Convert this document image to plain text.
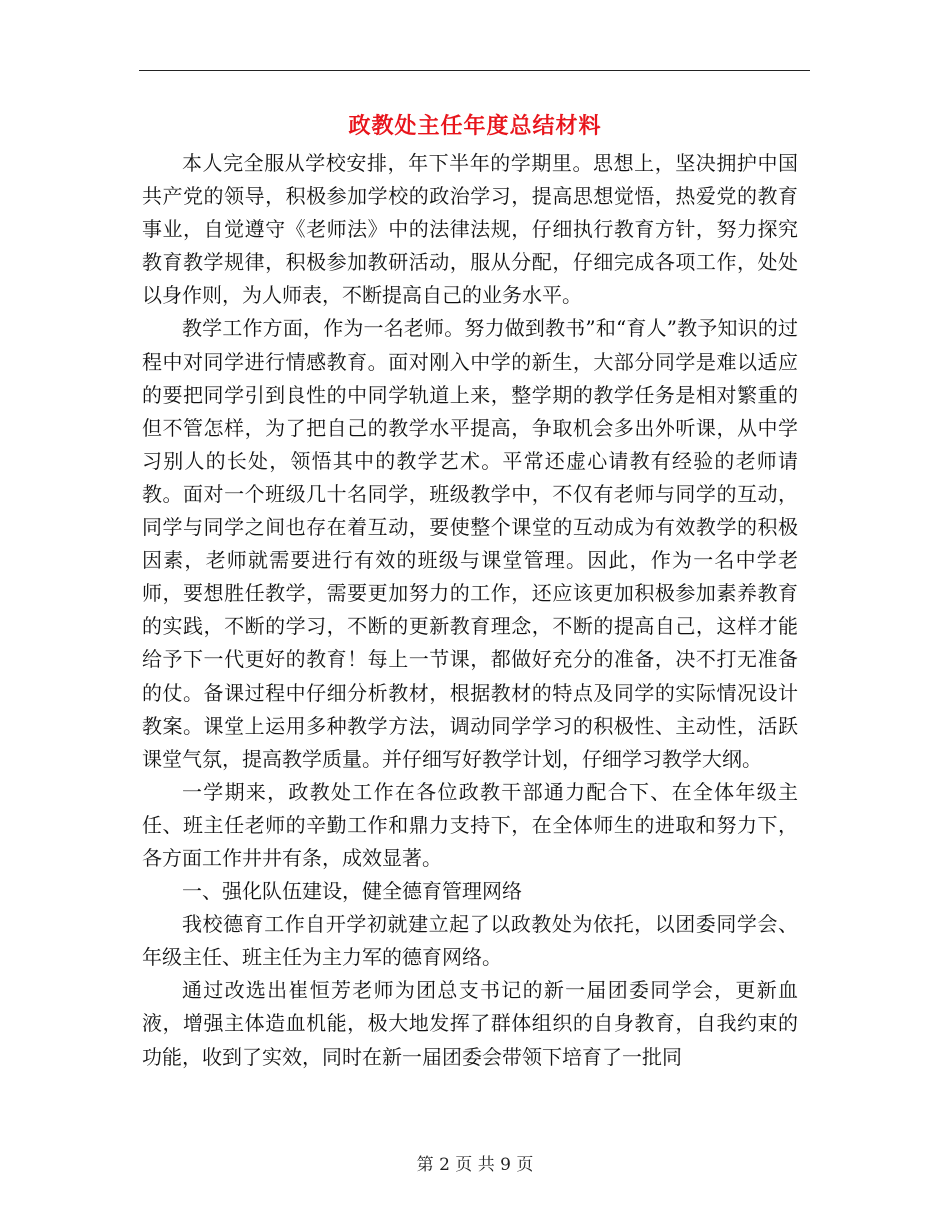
政教处主任年度总结材料

本人完全服从学校安排，年下半年的学期里。思想上，坚决拥护中国共产党的领导，积极参加学校的政治学习，提高思想觉悟，热爱党的教育事业，自觉遵守《老师法》中的法律法规，仔细执行教育方针，努力探究教育教学规律，积极参加教研活动，服从分配，仔细完成各项工作，处处以身作则，为人师表，不断提高自己的业务水平。

教学工作方面，作为一名老师。努力做到教书”和“育人”教予知识的过程中对同学进行情感教育。面对刚入中学的新生，大部分同学是难以适应的要把同学引到良性的中同学轨道上来，整学期的教学任务是相对繁重的但不管怎样，为了把自己的教学水平提高，争取机会多出外听课，从中学习别人的长处，领悟其中的教学艺术。平常还虚心请教有经验的老师请教。面对一个班级几十名同学，班级教学中，不仅有老师与同学的互动，同学与同学之间也存在着互动，要使整个课堂的互动成为有效教学的积极因素，老师就需要进行有效的班级与课堂管理。因此，作为一名中学老师，要想胜任教学，需要更加努力的工作，还应该更加积极参加素养教育的实践，不断的学习，不断的更新教育理念，不断的提高自己，这样才能给予下一代更好的教育！每上一节课，都做好充分的准备，决不打无准备的仗。备课过程中仔细分析教材，根据教材的特点及同学的实际情况设计教案。课堂上运用多种教学方法，调动同学学习的积极性、主动性，活跃课堂气氛，提高教学质量。并仔细写好教学计划，仔细学习教学大纲。

一学期来，政教处工作在各位政教干部通力配合下、在全体年级主任、班主任老师的辛勤工作和鼎力支持下，在全体师生的进取和努力下，各方面工作井井有条，成效显著。

一、强化队伍建设，健全德育管理网络

我校德育工作自开学初就建立起了以政教处为依托，以团委同学会、年级主任、班主任为主力军的德育网络。

通过改选出崔恒芳老师为团总支书记的新一届团委同学会，更新血液，增强主体造血机能，极大地发挥了群体组织的自身教育，自我约束的功能，收到了实效，同时在新一届团委会带领下培育了一批同

第 2 页 共 9 页
